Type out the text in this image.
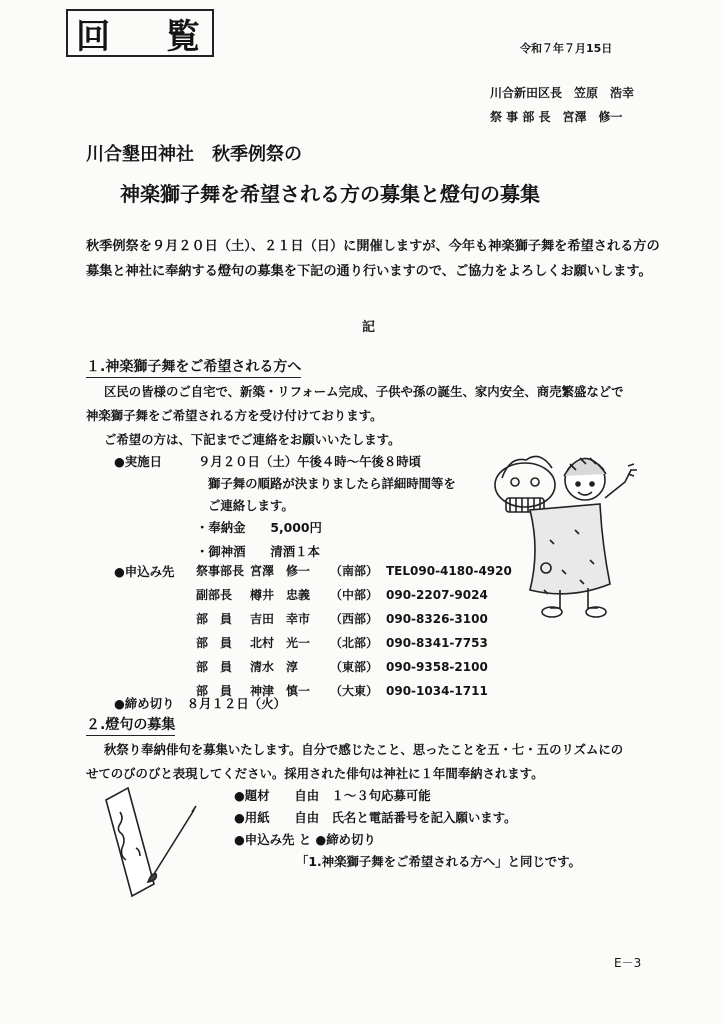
回 覧	令和７年７月15日
川合新田区長　笠原　浩幸
祭 事 部 長　宮澤　修一
川合墾田神社　秋季例祭の
神楽獅子舞を希望される方の募集と燈句の募集
秋季例祭を９月２０日（土）、２１日（日）に開催しますが、今年も神楽獅子舞を希望される方の募集と神社に奉納する燈句の募集を下記の通り行いますので、ご協力をよろしくお願いします。
記
１.神楽獅子舞をご希望される方へ
区民の皆様のご自宅で、新築・リフォーム完成、子供や孫の誕生、家内安全、商売繁盛などで
神楽獅子舞をご希望される方を受け付けております。
ご希望の方は、下記までご連絡をお願いいたします。
●実施日	９月２０日（土）午後４時～午後８時頃
獅子舞の順路が決まりましたら詳細時間等を
ご連絡します。
・奉納金　　5,000円
・御神酒　　清酒１本
●申込み先 祭事部長 宮澤　修一 （南部） TEL090-4180-4920
副部長 樽井　忠義 （中部） 090-2207-9024
部　員 吉田　幸市 （西部） 090-8326-3100
部　員 北村　光一 （北部） 090-8341-7753
部　員 清水　淳	（東部） 090-9358-2100
部　員 神津　慎一 （大東） 090-1034-1711
●締め切り　８月１２日（火）
２.燈句の募集
秋祭り奉納俳句を募集いたします。自分で感じたこと、思ったことを五・七・五のリズムにの
せてのびのびと表現してください。採用された俳句は神社に１年間奉納されます。
●題材　　自由　１～３句応募可能
●用紙　　自由　氏名と電話番号を記入願います。
●申込み先 と ●締め切り
「1.神楽獅子舞をご希望される方へ」と同じです。
E－3
